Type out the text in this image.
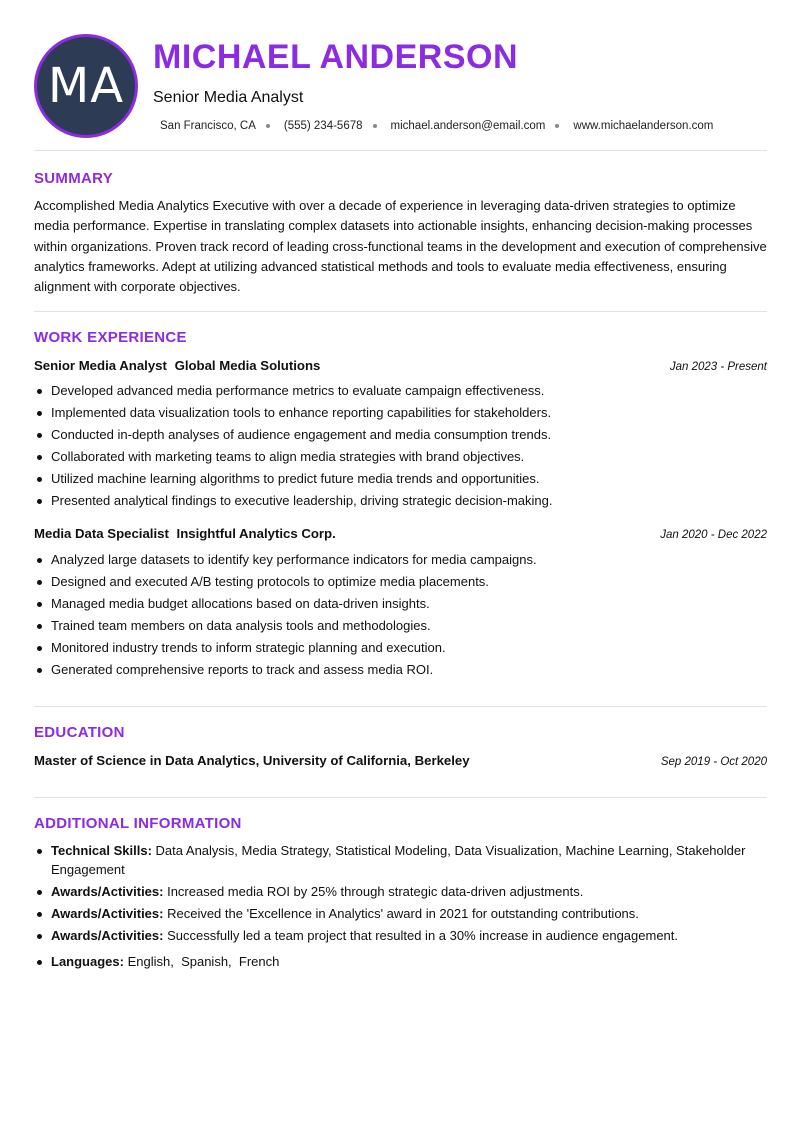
MA
MICHAEL ANDERSON
Senior Media Analyst
San Francisco, CA (555) 234-5678 michael.anderson@email.com www.michaelanderson.com
SUMMARY

Accomplished Media Analytics Executive with over a decade of experience in leveraging data-driven strategies to optimize media performance. Expertise in translating complex datasets into actionable insights, enhancing decision-making processes within organizations. Proven track record of leading cross-functional teams in the development and execution of comprehensive analytics frameworks. Adept at utilizing advanced statistical methods and tools to evaluate media effectiveness, ensuring alignment with corporate objectives.

WORK EXPERIENCE
Senior Media Analyst Global Media Solutions	Jan 2023 - Present
Developed advanced media performance metrics to evaluate campaign effectiveness.
Implemented data visualization tools to enhance reporting capabilities for stakeholders.
Conducted in-depth analyses of audience engagement and media consumption trends.
Collaborated with marketing teams to align media strategies with brand objectives.
Utilized machine learning algorithms to predict future media trends and opportunities.
Presented analytical findings to executive leadership, driving strategic decision-making.
Media Data Specialist Insightful Analytics Corp.	Jan 2020 - Dec 2022
Analyzed large datasets to identify key performance indicators for media campaigns.
Designed and executed A/B testing protocols to optimize media placements.
Managed media budget allocations based on data-driven insights.
Trained team members on data analysis tools and methodologies.
Monitored industry trends to inform strategic planning and execution.
Generated comprehensive reports to track and assess media ROI.
EDUCATION
Master of Science in Data Analytics, University of California, Berkeley	Sep 2019 - Oct 2020
ADDITIONAL INFORMATION
Technical Skills: Data Analysis, Media Strategy, Statistical Modeling, Data Visualization, Machine Learning, Stakeholder Engagement
Awards/Activities: Increased media ROI by 25% through strategic data-driven adjustments.
Awards/Activities: Received the 'Excellence in Analytics' award in 2021 for outstanding contributions.
Awards/Activities: Successfully led a team project that resulted in a 30% increase in audience engagement.
Languages: English,  Spanish,  French
